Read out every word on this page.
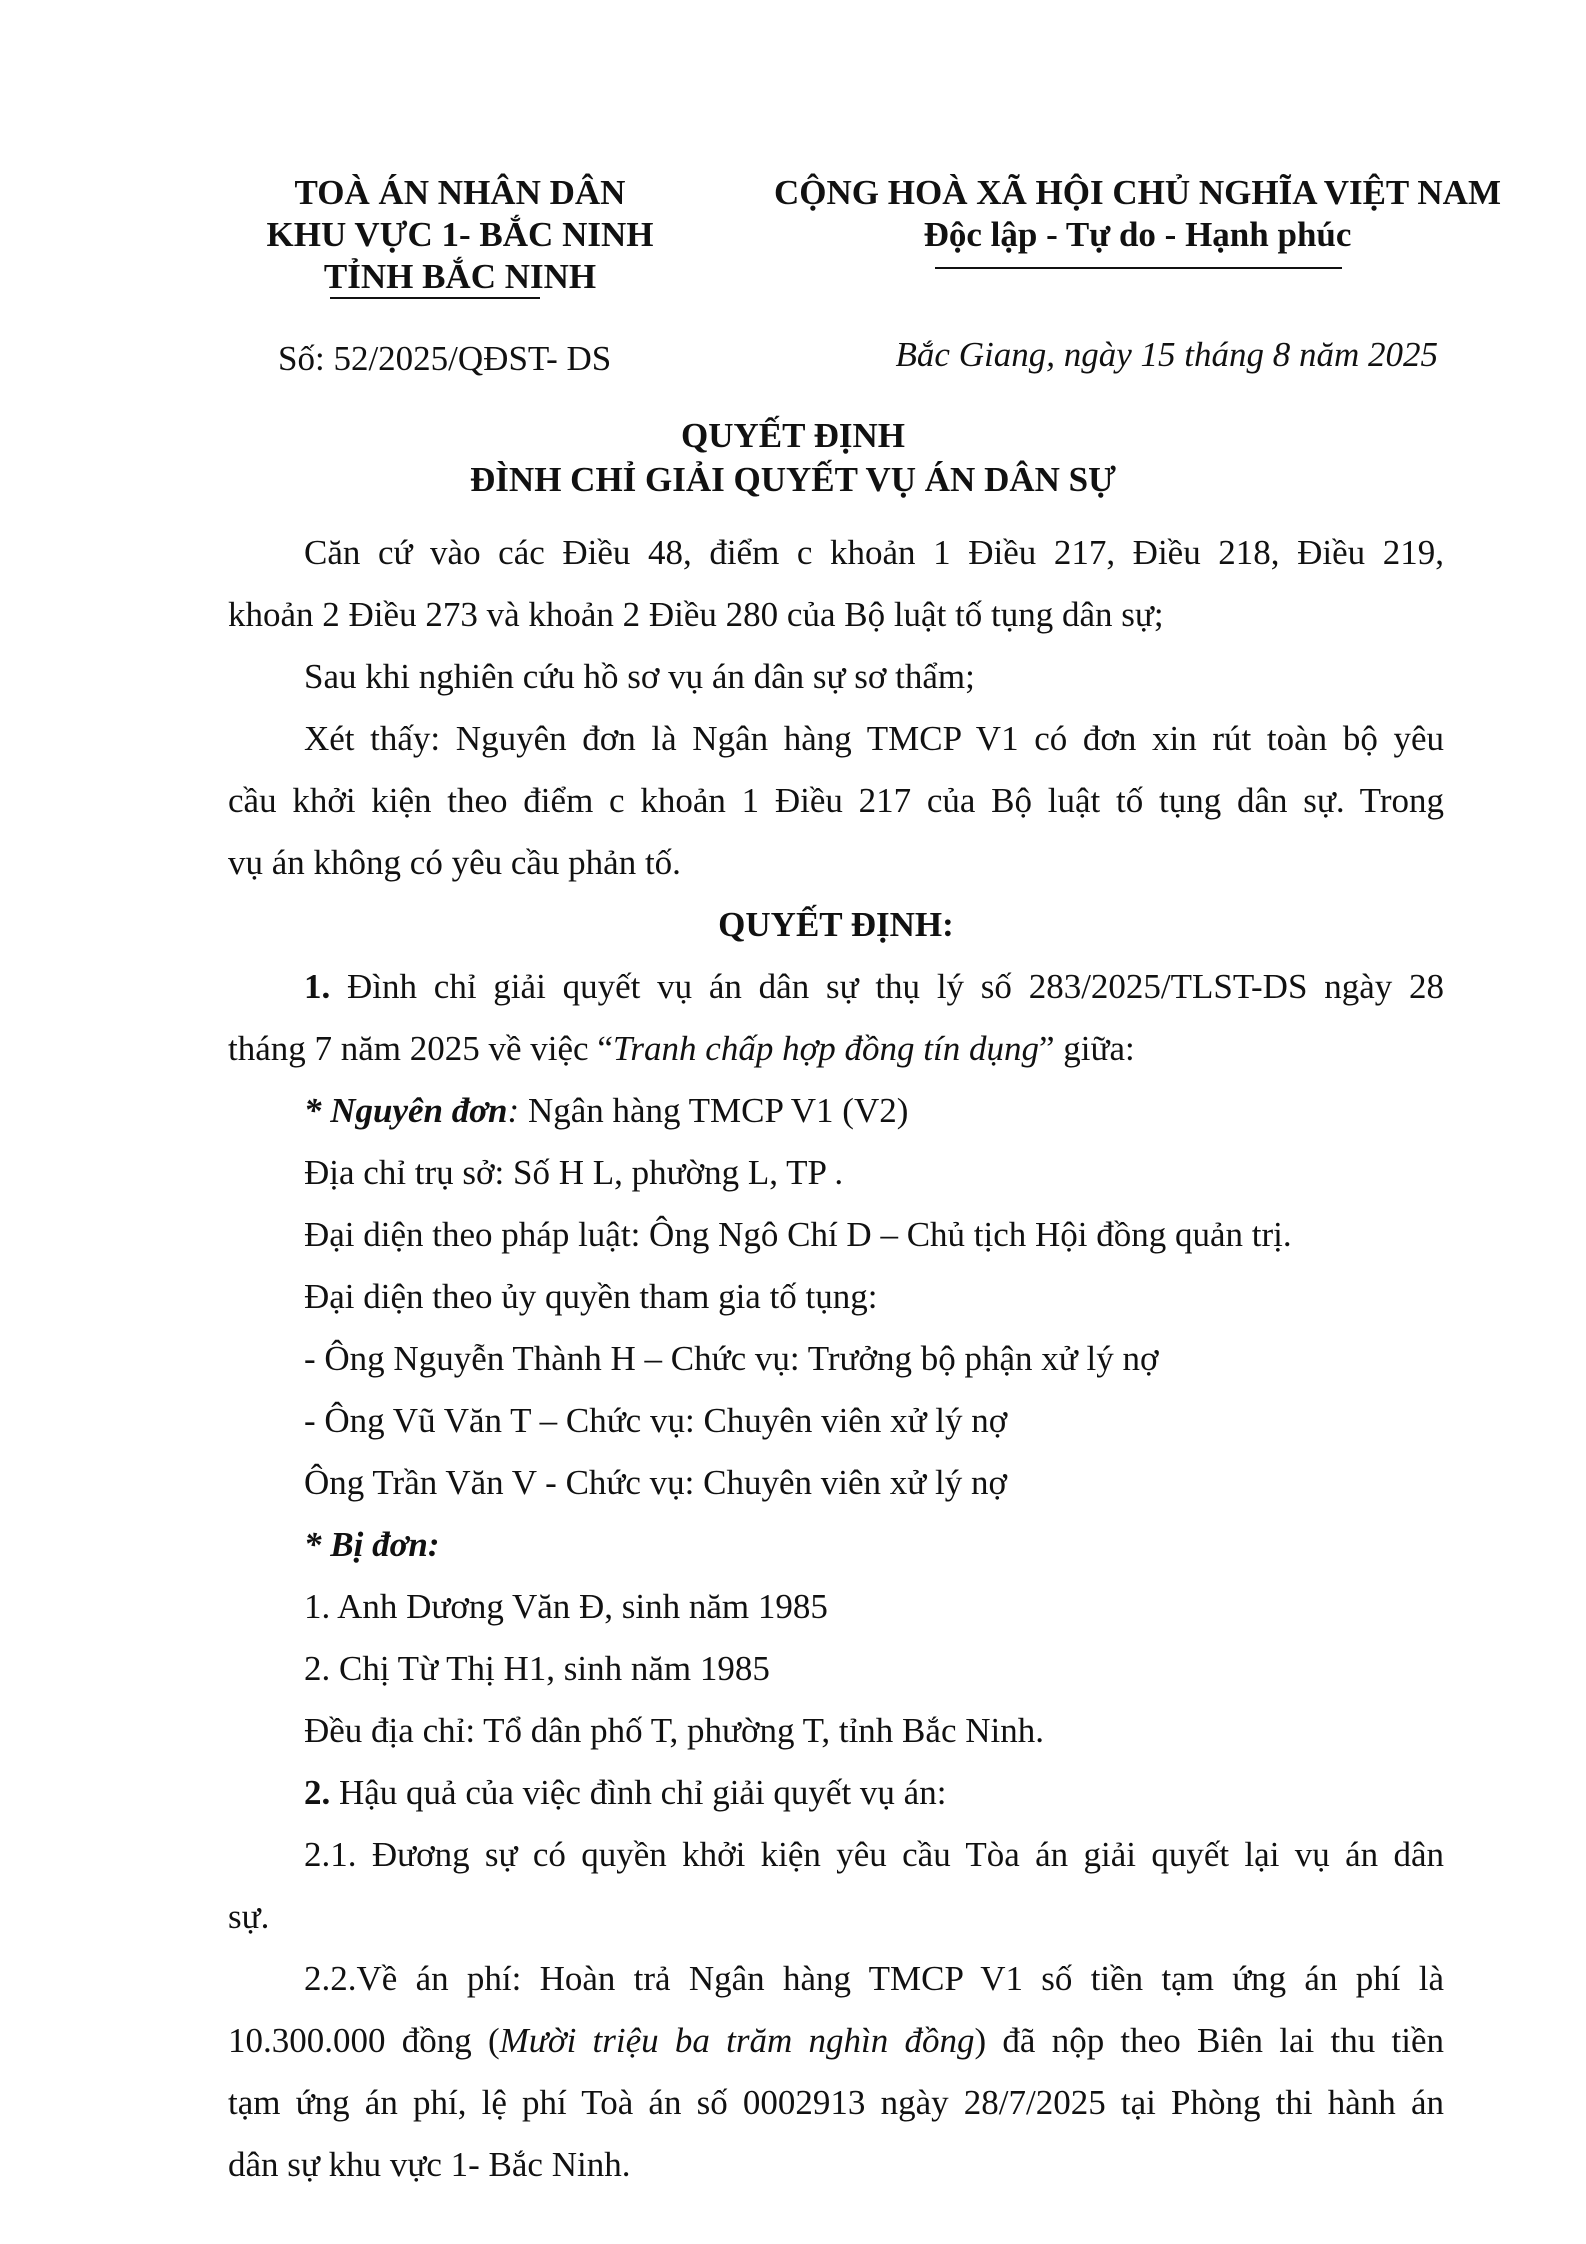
TOÀ ÁN NHÂN DÂN
KHU VỰC 1- BẮC NINH
TỈNH BẮC NINH
CỘNG HOÀ XÃ HỘI CHỦ NGHĨA VIỆT NAM
Độc lập - Tự do - Hạnh phúc
Số: 52/2025/QĐST- DS	Bắc Giang, ngày 15 tháng 8 năm 2025
QUYẾT ĐỊNH
ĐÌNH CHỈ GIẢI QUYẾT VỤ ÁN DÂN SỰ

Căn cứ vào các Điều 48, điểm c khoản 1 Điều 217, Điều 218, Điều 219,

khoản 2 Điều 273 và khoản 2 Điều 280 của Bộ luật tố tụng dân sự;

Sau khi nghiên cứu hồ sơ vụ án dân sự sơ thẩm;

Xét thấy: Nguyên đơn là Ngân hàng TMCP V1 có đơn xin rút toàn bộ yêu

cầu khởi kiện theo điểm c khoản 1 Điều 217 của Bộ luật tố tụng dân sự. Trong

vụ án không có yêu cầu phản tố.

QUYẾT ĐỊNH:

1. Đình chỉ giải quyết vụ án dân sự thụ lý số 283/2025/TLST-DS ngày 28

tháng 7 năm 2025 về việc “Tranh chấp hợp đồng tín dụng” giữa:

* Nguyên đơn: Ngân hàng TMCP V1 (V2)

Địa chỉ trụ sở: Số H L, phường L, TP .

Đại diện theo pháp luật: Ông Ngô Chí D – Chủ tịch Hội đồng quản trị.

Đại diện theo ủy quyền tham gia tố tụng:

- Ông Nguyễn Thành H – Chức vụ: Trưởng bộ phận xử lý nợ

- Ông Vũ Văn T – Chức vụ: Chuyên viên xử lý nợ

Ông Trần Văn V - Chức vụ: Chuyên viên xử lý nợ

* Bị đơn:

1. Anh Dương Văn Đ, sinh năm 1985

2. Chị Từ Thị H1, sinh năm 1985

Đều địa chỉ: Tổ dân phố T, phường T, tỉnh Bắc Ninh.

2. Hậu quả của việc đình chỉ giải quyết vụ án:

2.1. Đương sự có quyền khởi kiện yêu cầu Tòa án giải quyết lại vụ án dân

sự.

2.2.Về án phí: Hoàn trả Ngân hàng TMCP V1 số tiền tạm ứng án phí là

10.300.000 đồng (Mười triệu ba trăm nghìn đồng) đã nộp theo Biên lai thu tiền

tạm ứng án phí, lệ phí Toà án số 0002913 ngày 28/7/2025 tại Phòng thi hành án

dân sự khu vực 1- Bắc Ninh.
